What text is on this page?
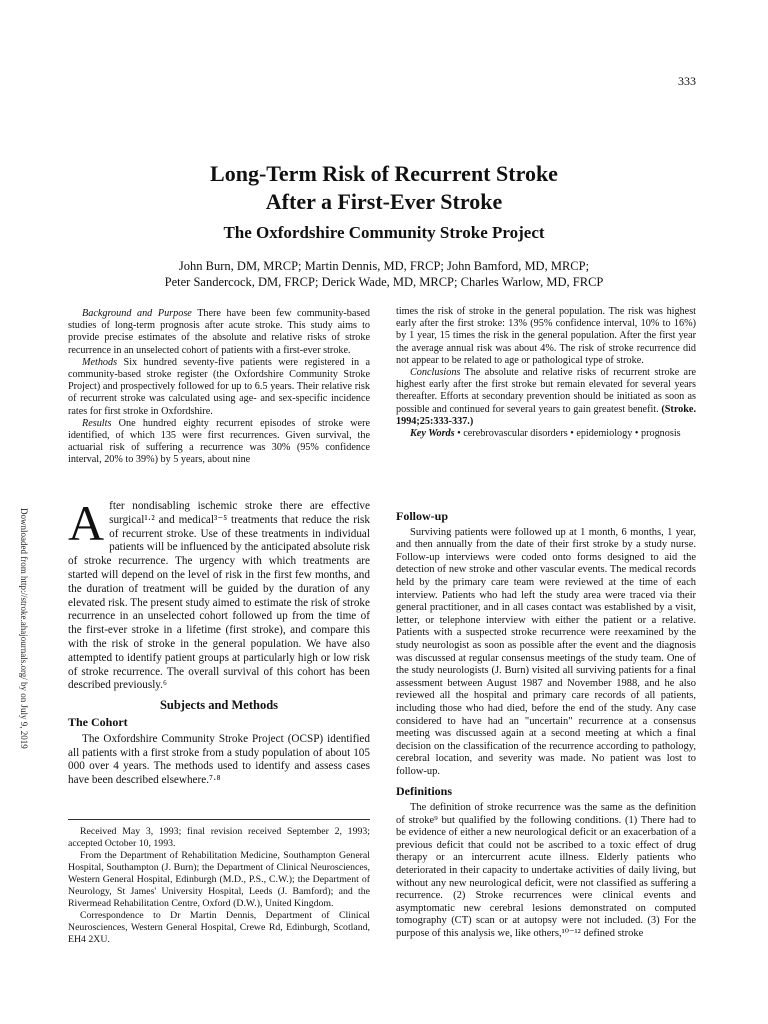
333
Long-Term Risk of Recurrent Stroke
After a First-Ever Stroke
The Oxfordshire Community Stroke Project
John Burn, DM, MRCP; Martin Dennis, MD, FRCP; John Bamford, MD, MRCP;
Peter Sandercock, DM, FRCP; Derick Wade, MD, MRCP; Charles Warlow, MD, FRCP
Downloaded from http://stroke.ahajournals.org/ by on July 9, 2019

Background and Purpose There have been few community-based studies of long-term prognosis after acute stroke. This study aims to provide precise estimates of the absolute and relative risks of stroke recurrence in an unselected cohort of patients with a first-ever stroke.

Methods Six hundred seventy-five patients were registered in a community-based stroke register (the Oxfordshire Community Stroke Project) and prospectively followed for up to 6.5 years. Their relative risk of recurrent stroke was calculated using age- and sex-specific incidence rates for first stroke in Oxfordshire.

Results One hundred eighty recurrent episodes of stroke were identified, of which 135 were first recurrences. Given survival, the actuarial risk of suffering a recurrence was 30% (95% confidence interval, 20% to 39%) by 5 years, about nine

times the risk of stroke in the general population. The risk was highest early after the first stroke: 13% (95% confidence interval, 10% to 16%) by 1 year, 15 times the risk in the general population. After the first year the average annual risk was about 4%. The risk of stroke recurrence did not appear to be related to age or pathological type of stroke.

Conclusions The absolute and relative risks of recurrent stroke are highest early after the first stroke but remain elevated for several years thereafter. Efforts at secondary prevention should be initiated as soon as possible and continued for several years to gain greatest benefit. (Stroke. 1994;25:333-337.)

Key Words • cerebrovascular disorders • epidemiology • prognosis

After nondisabling ischemic stroke there are effective surgical¹·² and medical³⁻⁵ treatments that reduce the risk of recurrent stroke. Use of these treatments in individual patients will be influenced by the anticipated absolute risk of stroke recurrence. The urgency with which treatments are started will depend on the level of risk in the first few months, and the duration of treatment will be guided by the duration of any elevated risk. The present study aimed to estimate the risk of stroke recurrence in an unselected cohort followed up from the time of the first-ever stroke in a lifetime (first stroke), and compare this with the risk of stroke in the general population. We have also attempted to identify patient groups at particularly high or low risk of stroke recurrence. The overall survival of this cohort has been described previously.⁶

Subjects and Methods
The Cohort

The Oxfordshire Community Stroke Project (OCSP) identified all patients with a first stroke from a study population of about 105 000 over 4 years. The methods used to identify and assess cases have been described elsewhere.⁷·⁸

Received May 3, 1993; final revision received September 2, 1993; accepted October 10, 1993.

From the Department of Rehabilitation Medicine, Southampton General Hospital, Southampton (J. Burn); the Department of Clinical Neurosciences, Western General Hospital, Edinburgh (M.D., P.S., C.W.); the Department of Neurology, St James' University Hospital, Leeds (J. Bamford); and the Rivermead Rehabilitation Centre, Oxford (D.W.), United Kingdom.

Correspondence to Dr Martin Dennis, Department of Clinical Neurosciences, Western General Hospital, Crewe Rd, Edinburgh, Scotland, EH4 2XU.

Follow-up

Surviving patients were followed up at 1 month, 6 months, 1 year, and then annually from the date of their first stroke by a study nurse. Follow-up interviews were coded onto forms designed to aid the detection of new stroke and other vascular events. The medical records held by the primary care team were reviewed at the time of each interview. Patients who had left the study area were traced via their general practitioner, and in all cases contact was established by a visit, letter, or telephone interview with either the patient or a relative. Patients with a suspected stroke recurrence were reexamined by the study neurologist as soon as possible after the event and the diagnosis was discussed at regular consensus meetings of the study team. One of the study neurologists (J. Burn) visited all surviving patients for a final assessment between August 1987 and November 1988, and he also reviewed all the hospital and primary care records of all patients, including those who had died, before the end of the study. Any case considered to have had an "uncertain" recurrence at a consensus meeting was discussed again at a second meeting at which a final decision on the classification of the recurrence according to pathology, cerebral location, and severity was made. No patient was lost to follow-up.

Definitions

The definition of stroke recurrence was the same as the definition of stroke⁹ but qualified by the following conditions. (1) There had to be evidence of either a new neurological deficit or an exacerbation of a previous deficit that could not be ascribed to a toxic effect of drug therapy or an intercurrent acute illness. Elderly patients who deteriorated in their capacity to undertake activities of daily living, but without any new neurological deficit, were not classified as suffering a recurrence. (2) Stroke recurrences were clinical events and asymptomatic new cerebral lesions demonstrated on computed tomography (CT) scan or at autopsy were not included. (3) For the purpose of this analysis we, like others,¹⁰⁻¹² defined stroke
